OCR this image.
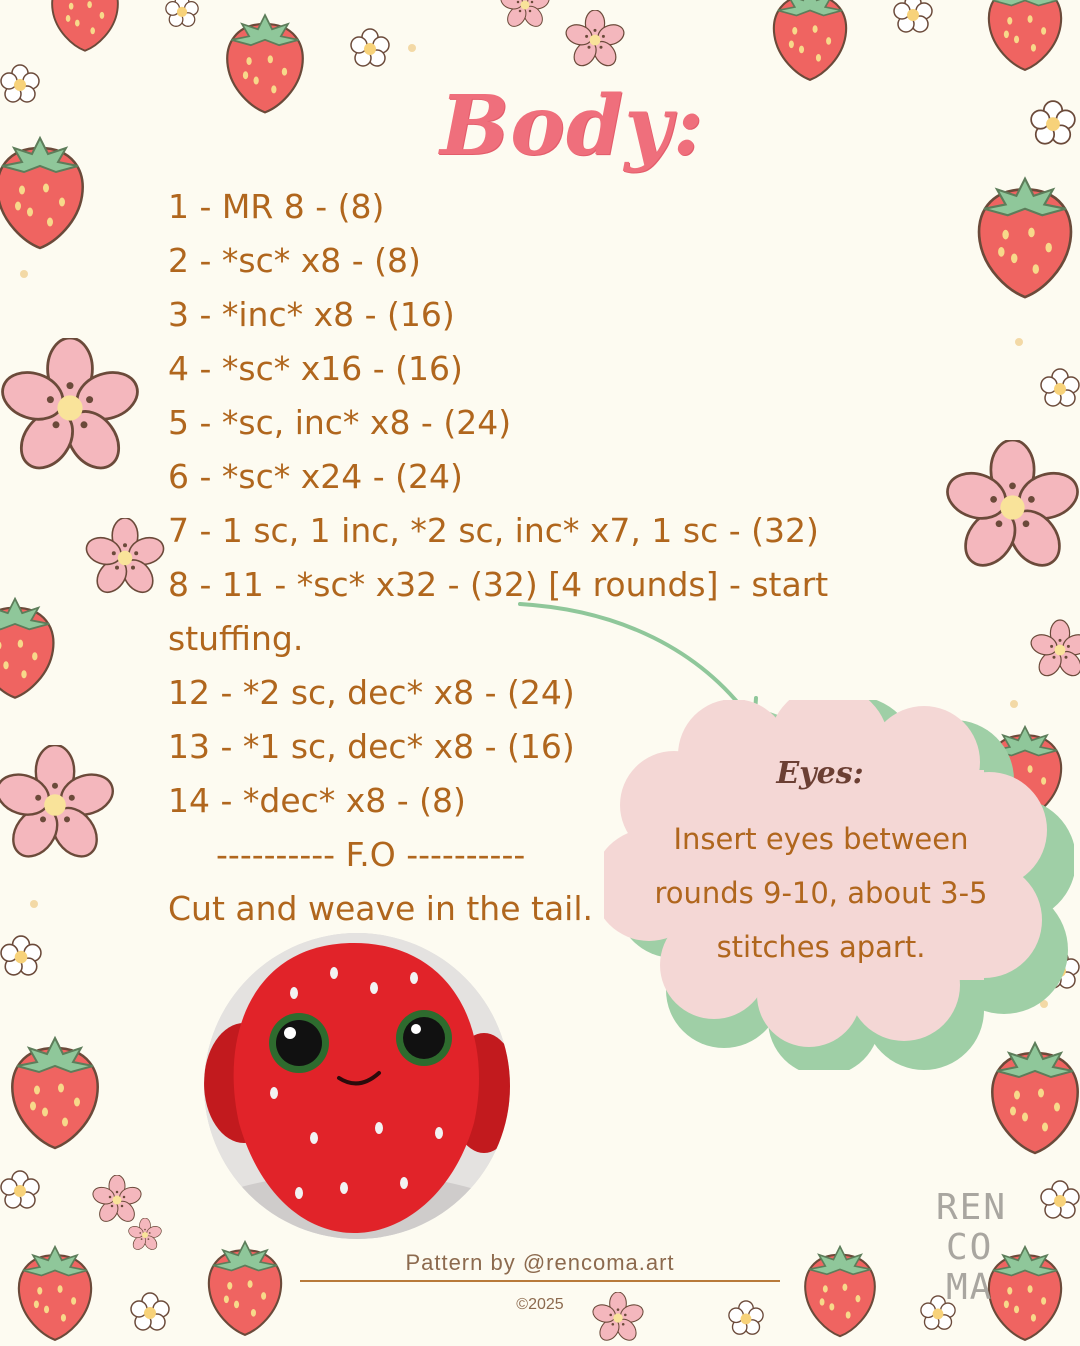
Body:
1 - MR 8 - (8)
2 - *sc* x8 - (8)
3 - *inc* x8 - (16)
4 - *sc* x16 - (16)
5 - *sc, inc* x8 - (24)
6 - *sc* x24 - (24)
7 - 1 sc, 1 inc, *2 sc, inc* x7, 1 sc - (32)
8 - 11 - *sc* x32 - (32) [4 rounds] - start stuffing.
12 - *2 sc, dec* x8 - (24)
13 - *1 sc, dec* x8 - (16)
14 - *dec* x8 - (8)
---------- F.O ----------
Cut and weave in the tail.
Eyes:
Insert eyes between rounds 9-10, about 3-5 stitches apart.
Pattern by @rencoma.art
©2025
REN
CO
MA
